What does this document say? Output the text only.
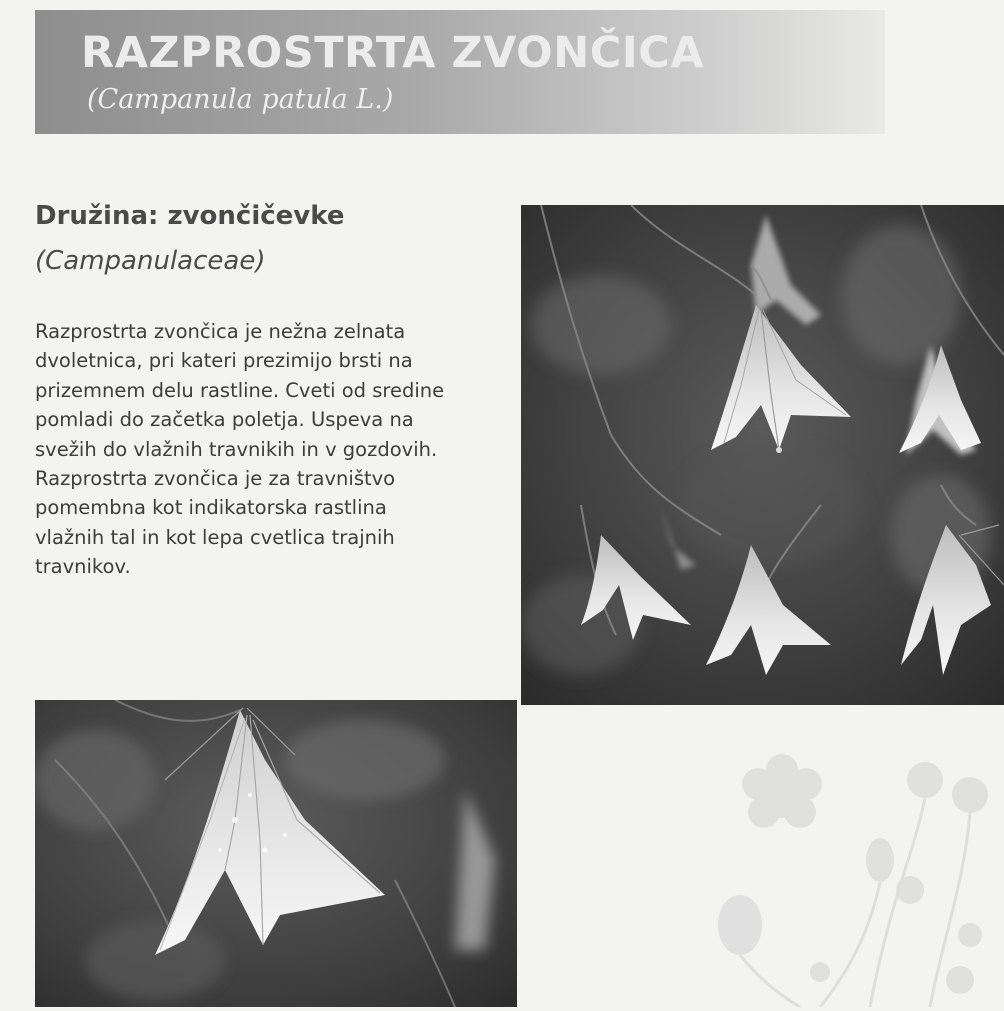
RAZPROSTRTA ZVONČICA
(Campanula patula L.)
Družina: zvončičevke
(Campanulaceae)
Razprostrta zvončica je nežna zelnata
dvoletnica, pri kateri prezimijo brsti na
prizemnem delu rastline. Cveti od sredine
pomladi do začetka poletja. Uspeva na
svežih do vlažnih travnikih in v gozdovih.
Razprostrta zvončica je za travništvo
pomembna kot indikatorska rastlina
vlažnih tal in kot lepa cvetlica trajnih
travnikov.
